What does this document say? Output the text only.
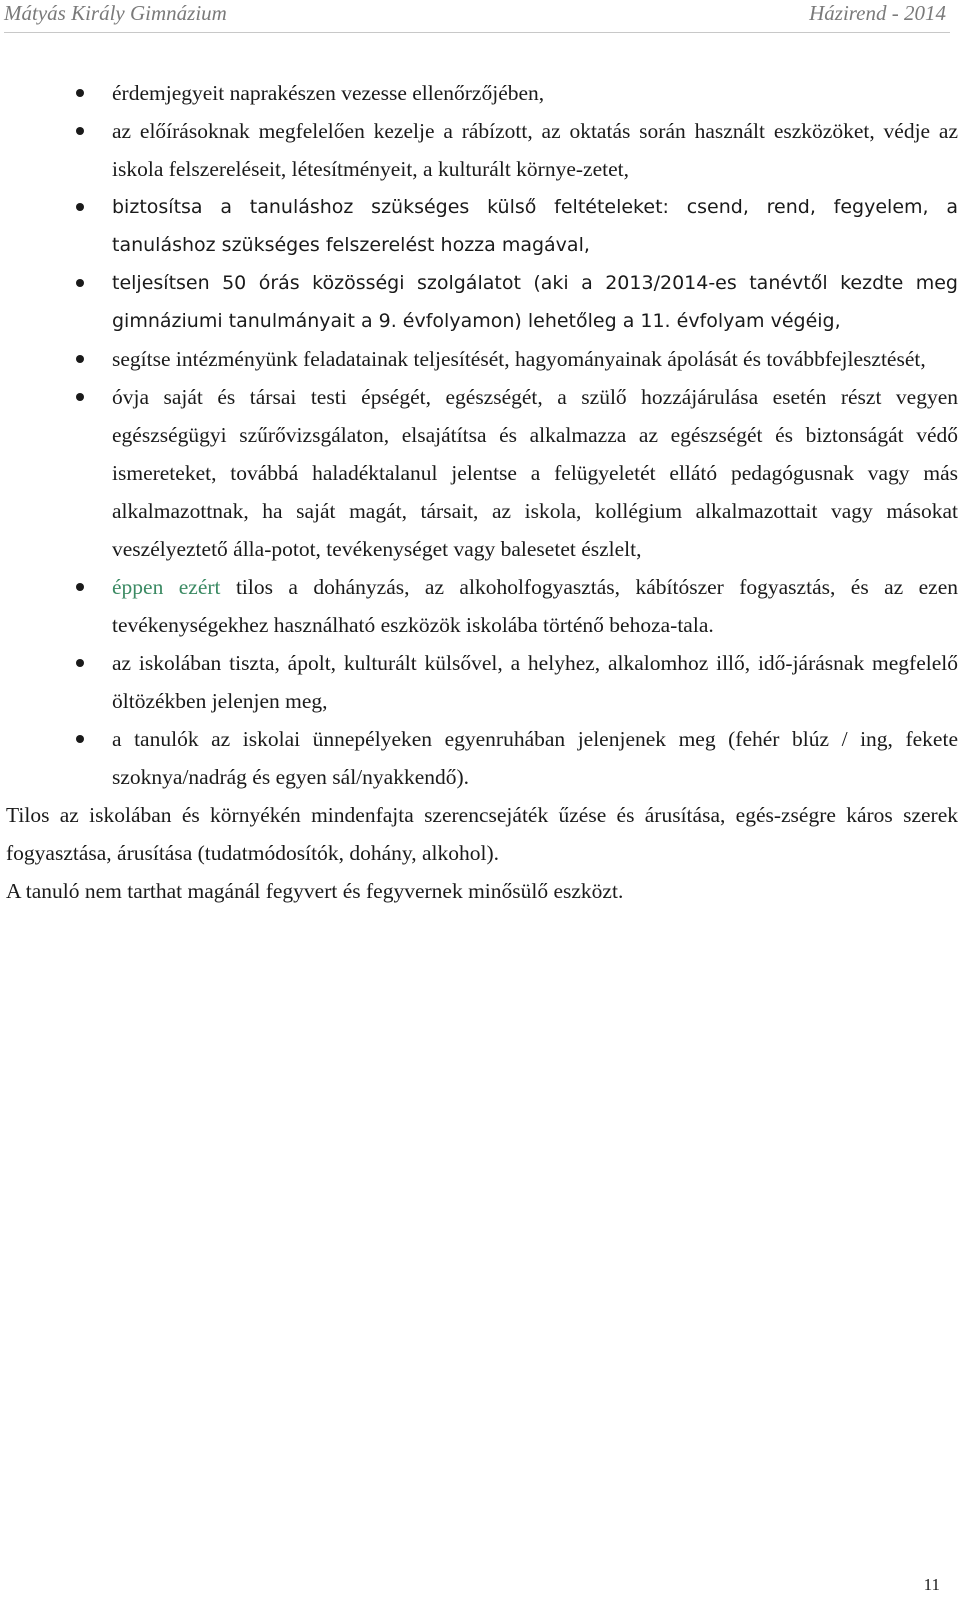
Mátyás Király Gimnázium	Házirend - 2014
érdemjegyeit naprakészen vezesse ellenőrzőjében,
az előírásoknak megfelelően kezelje a rábízott, az oktatás során használt eszközöket, védje az iskola felszereléseit, létesítményeit, a kulturált környe-zetet,
biztosítsa a tanuláshoz szükséges külső feltételeket: csend, rend, fegyelem, a tanuláshoz szükséges felszerelést hozza magával,
teljesítsen 50 órás közösségi szolgálatot (aki a 2013/2014-es tanévtől kezdte meg gimnáziumi tanulmányait a 9. évfolyamon) lehetőleg a 11. évfolyam végéig,
segítse intézményünk feladatainak teljesítését, hagyományainak ápolását és továbbfejlesztését,
óvja saját és társai testi épségét, egészségét, a szülő hozzájárulása esetén részt vegyen egészségügyi szűrővizsgálaton, elsajátítsa és alkalmazza az egészségét és biztonságát védő ismereteket, továbbá haladéktalanul jelentse a felügyeletét ellátó pedagógusnak vagy más alkalmazottnak, ha saját magát, társait, az iskola, kollégium alkalmazottait vagy másokat veszélyeztető álla-potot, tevékenységet vagy balesetet észlelt,
éppen ezért tilos a dohányzás, az alkoholfogyasztás, kábítószer fogyasztás, és az ezen tevékenységekhez használható eszközök iskolába történő behoza-tala.
az iskolában tiszta, ápolt, kulturált külsővel, a helyhez, alkalomhoz illő, idő-járásnak megfelelő öltözékben jelenjen meg,
a tanulók az iskolai ünnepélyeken egyenruhában jelenjenek meg (fehér blúz / ing, fekete szoknya/nadrág és egyen sál/nyakkendő).

Tilos az iskolában és környékén mindenfajta szerencsejáték űzése és árusítása, egés-zségre káros szerek fogyasztása, árusítása (tudatmódosítók, dohány, alkohol).

A tanuló nem tarthat magánál fegyvert és fegyvernek minősülő eszközt.

11
